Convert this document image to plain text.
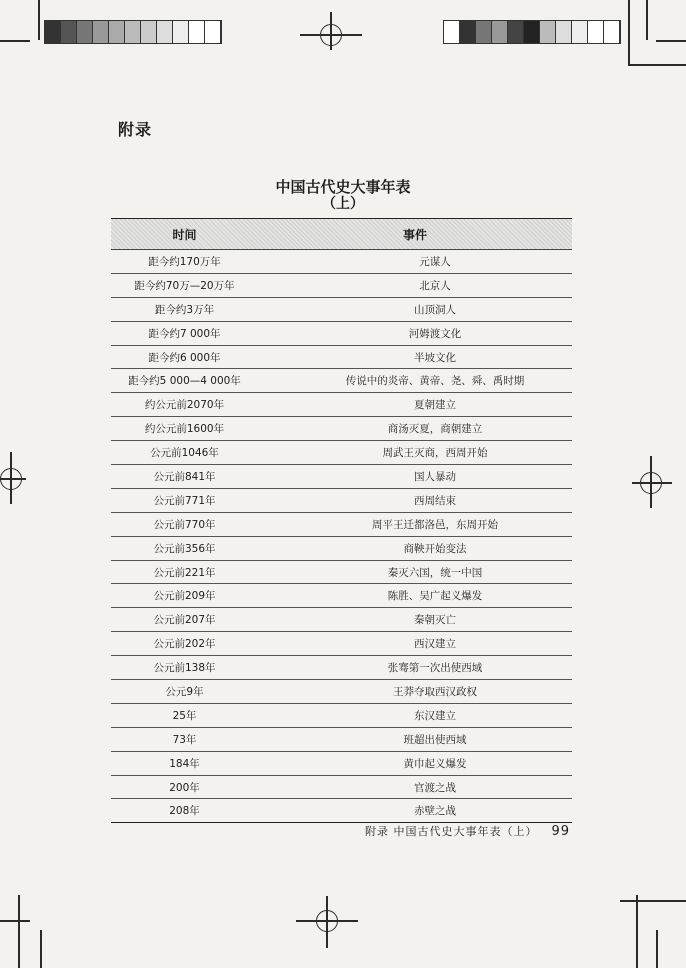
附录
中国古代史大事年表
（上）
时间	事件
距今约170万年	元谋人
距今约70万—20万年	北京人
距今约3万年	山顶洞人
距今约7 000年	河姆渡文化
距今约6 000年	半坡文化
距今约5 000—4 000年	传说中的炎帝、黄帝、尧、舜、禹时期
约公元前2070年	夏朝建立
约公元前1600年	商汤灭夏，商朝建立
公元前1046年	周武王灭商，西周开始
公元前841年	国人暴动
公元前771年	西周结束
公元前770年	周平王迁都洛邑，东周开始
公元前356年	商鞅开始变法
公元前221年	秦灭六国，统一中国
公元前209年	陈胜、吴广起义爆发
公元前207年	秦朝灭亡
公元前202年	西汉建立
公元前138年	张骞第一次出使西域
公元9年	王莽夺取西汉政权
25年	东汉建立
73年	班超出使西域
184年	黄巾起义爆发
200年	官渡之战
208年	赤壁之战
附录 中国古代史大事年表（上） 99
